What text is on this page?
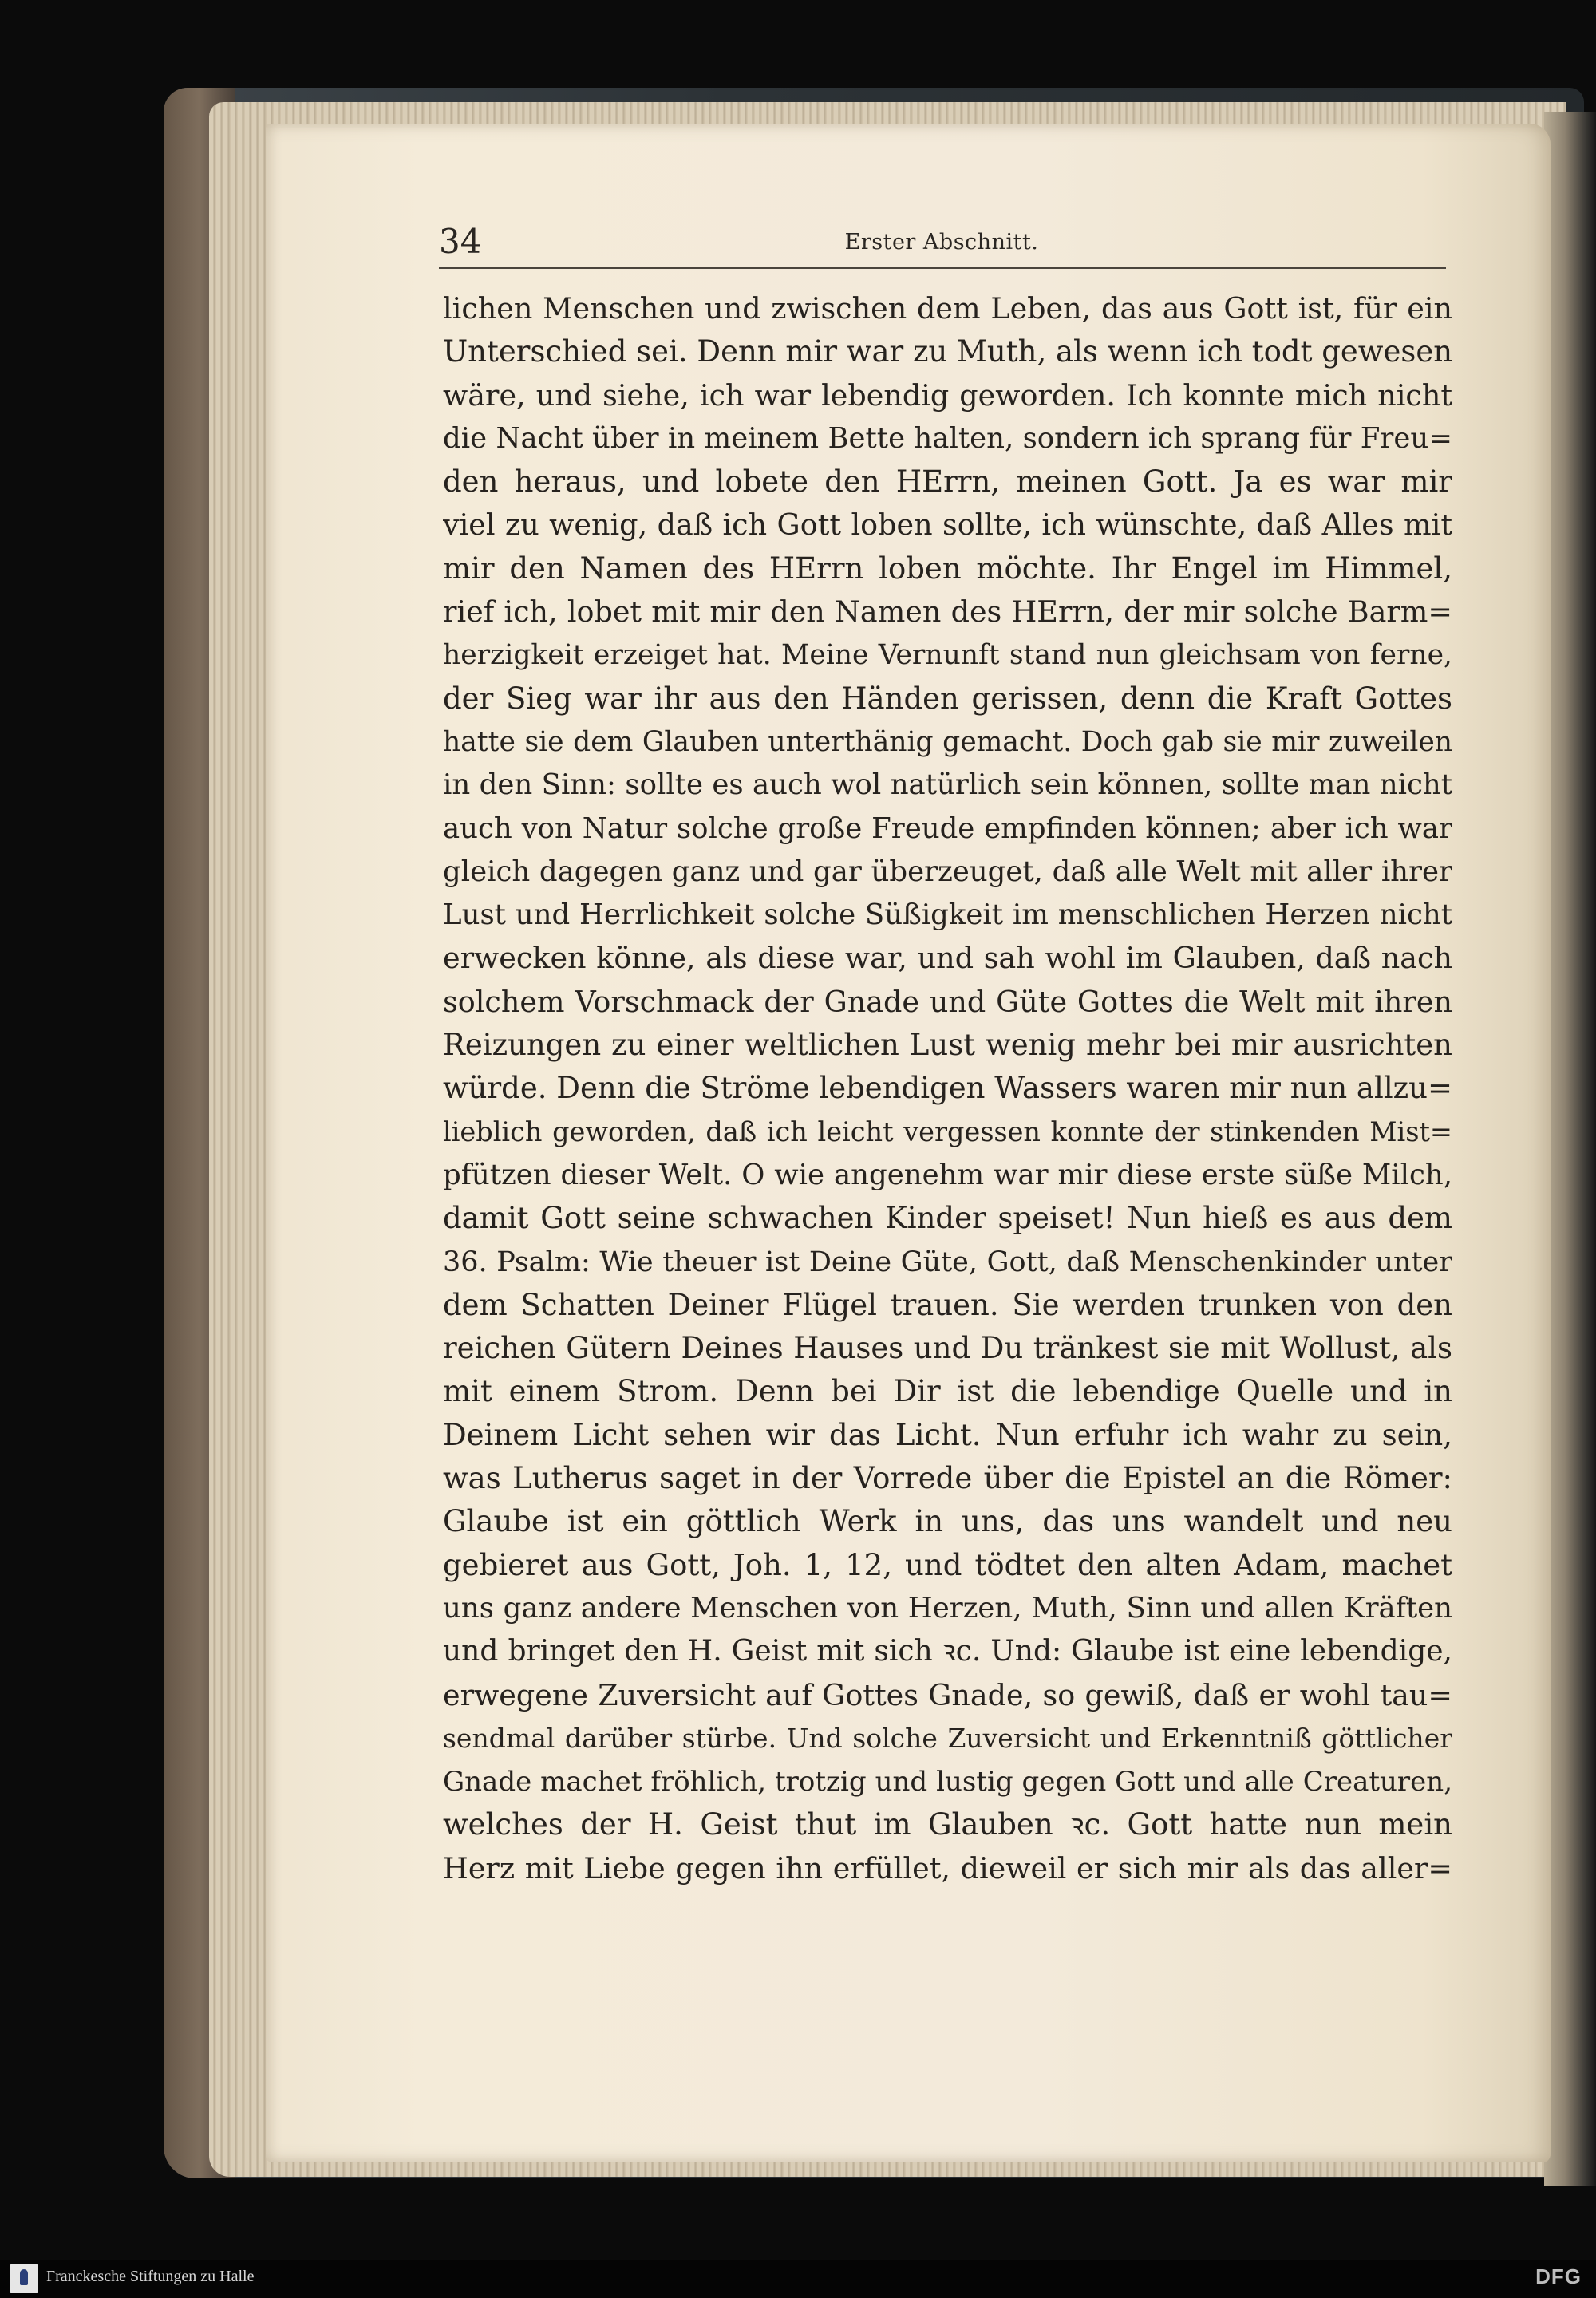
34	Erster Abschnitt.
lichen Menschen und zwischen dem Leben, das aus Gott ist, für ein
Unterschied sei. Denn mir war zu Muth, als wenn ich todt gewesen
wäre, und siehe, ich war lebendig geworden. Ich konnte mich nicht
die Nacht über in meinem Bette halten, sondern ich sprang für Freu=
den heraus, und lobete den HErrn, meinen Gott. Ja es war mir
viel zu wenig, daß ich Gott loben sollte, ich wünschte, daß Alles mit
mir den Namen des HErrn loben möchte. Ihr Engel im Himmel,
rief ich, lobet mit mir den Namen des HErrn, der mir solche Barm=
herzigkeit erzeiget hat. Meine Vernunft stand nun gleichsam von ferne,
der Sieg war ihr aus den Händen gerissen, denn die Kraft Gottes
hatte sie dem Glauben unterthänig gemacht. Doch gab sie mir zuweilen
in den Sinn: sollte es auch wol natürlich sein können, sollte man nicht
auch von Natur solche große Freude empfinden können; aber ich war
gleich dagegen ganz und gar überzeuget, daß alle Welt mit aller ihrer
Lust und Herrlichkeit solche Süßigkeit im menschlichen Herzen nicht
erwecken könne, als diese war, und sah wohl im Glauben, daß nach
solchem Vorschmack der Gnade und Güte Gottes die Welt mit ihren
Reizungen zu einer weltlichen Lust wenig mehr bei mir ausrichten
würde. Denn die Ströme lebendigen Wassers waren mir nun allzu=
lieblich geworden, daß ich leicht vergessen konnte der stinkenden Mist=
pfützen dieser Welt. O wie angenehm war mir diese erste süße Milch,
damit Gott seine schwachen Kinder speiset! Nun hieß es aus dem
36. Psalm: Wie theuer ist Deine Güte, Gott, daß Menschenkinder unter
dem Schatten Deiner Flügel trauen. Sie werden trunken von den
reichen Gütern Deines Hauses und Du tränkest sie mit Wollust, als
mit einem Strom. Denn bei Dir ist die lebendige Quelle und in
Deinem Licht sehen wir das Licht. Nun erfuhr ich wahr zu sein,
was Lutherus saget in der Vorrede über die Epistel an die Römer:
Glaube ist ein göttlich Werk in uns, das uns wandelt und neu
gebieret aus Gott, Joh. 1, 12, und tödtet den alten Adam, machet
uns ganz andere Menschen von Herzen, Muth, Sinn und allen Kräften
und bringet den H. Geist mit sich ꝛc. Und: Glaube ist eine lebendige,
erwegene Zuversicht auf Gottes Gnade, so gewiß, daß er wohl tau=
sendmal darüber stürbe. Und solche Zuversicht und Erkenntniß göttlicher
Gnade machet fröhlich, trotzig und lustig gegen Gott und alle Creaturen,
welches der H. Geist thut im Glauben ꝛc. Gott hatte nun mein
Herz mit Liebe gegen ihn erfüllet, dieweil er sich mir als das aller=
Franckesche Stiftungen zu Halle	DFG
